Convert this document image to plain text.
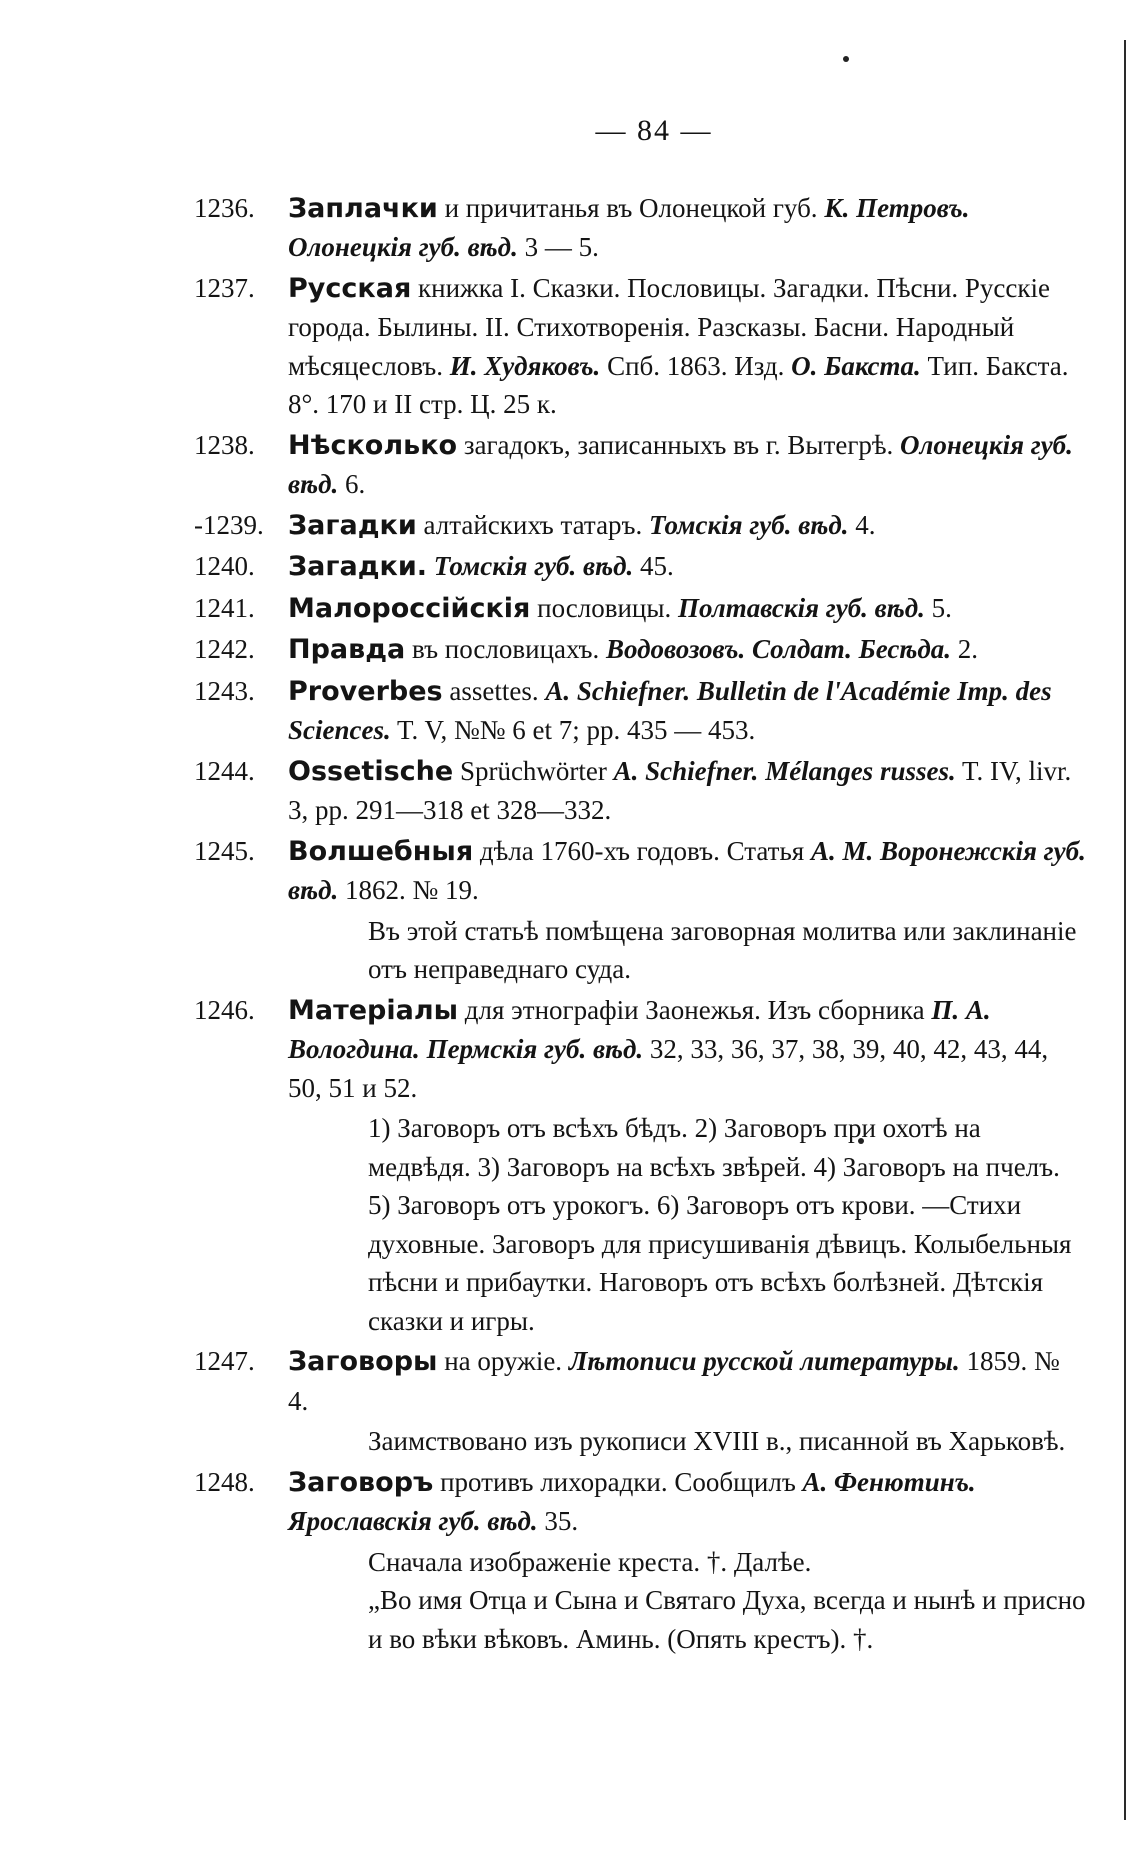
— 84 —
1236. Заплачки и причитанья въ Олонецкой губ. К. Петровъ. Олонецкія губ. вѣд. 3 — 5.
1237. Русская книжка I. Сказки. Пословицы. Загадки. Пѣсни. Русскіе города. Былины. II. Стихотворенія. Разсказы. Басни. Народный мѣсяцесловъ. И. Худяковъ. Спб. 1863. Изд. О. Бакста. Тип. Бакста. 8°. 170 и II стр. Ц. 25 к.
1238. Нѣсколько загадокъ, записанныхъ въ г. Вытегрѣ. Олонецкія губ. вѣд. 6.
-1239. Загадки алтайскихъ татаръ. Томскія губ. вѣд. 4.
1240. Загадки. Томскія губ. вѣд. 45.
1241. Малороссійскія пословицы. Полтавскія губ. вѣд. 5.
1242. Правда въ пословицахъ. Водовозовъ. Солдат. Бесѣда. 2.
1243. Proverbes assettes. A. Schiefner. Bulletin de l'Académie Imp. des Sciences. T. V, №№ 6 et 7; pp. 435 — 453.
1244. Ossetische Sprüchwörter A. Schiefner. Mélanges russes. T. IV, livr. 3, pp. 291—318 et 328—332.
1245. Волшебныя дѣла 1760-хъ годовъ. Статья А. М. Воронежскія губ. вѣд. 1862. № 19.

Въ этой статьѣ помѣщена заговорная молитва или заклинаніе отъ неправеднаго суда.

1246. Матеріалы для этнографіи Заонежья. Изъ сборника П. А. Вологдина. Пермскія губ. вѣд. 32, 33, 36, 37, 38, 39, 40, 42, 43, 44, 50, 51 и 52.

1) Заговоръ отъ всѣхъ бѣдъ. 2) Заговоръ при охотѣ на медвѣдя. 3) Заговоръ на всѣхъ звѣрей. 4) Заговоръ на пчелъ. 5) Заговоръ отъ урокогъ. 6) Заговоръ отъ крови. —Стихи духовные. Заговоръ для присушиванія дѣвицъ. Колыбельныя пѣсни и прибаутки. Наговоръ отъ всѣхъ болѣзней. Дѣтскія сказки и игры.

1247. Заговоры на оружіе. Лѣтописи русской литературы. 1859. № 4.

Заимствовано изъ рукописи XVIII в., писанной въ Харьковѣ.

1248. Заговоръ противъ лихорадки. Сообщилъ А. Фенютинъ. Ярославскія губ. вѣд. 35.

Сначала изображеніе креста. †. Далѣе.

„Во имя Отца и Сына и Святаго Духа, всегда и нынѣ и присно и во вѣки вѣковъ. Аминь. (Опять крестъ). †.
